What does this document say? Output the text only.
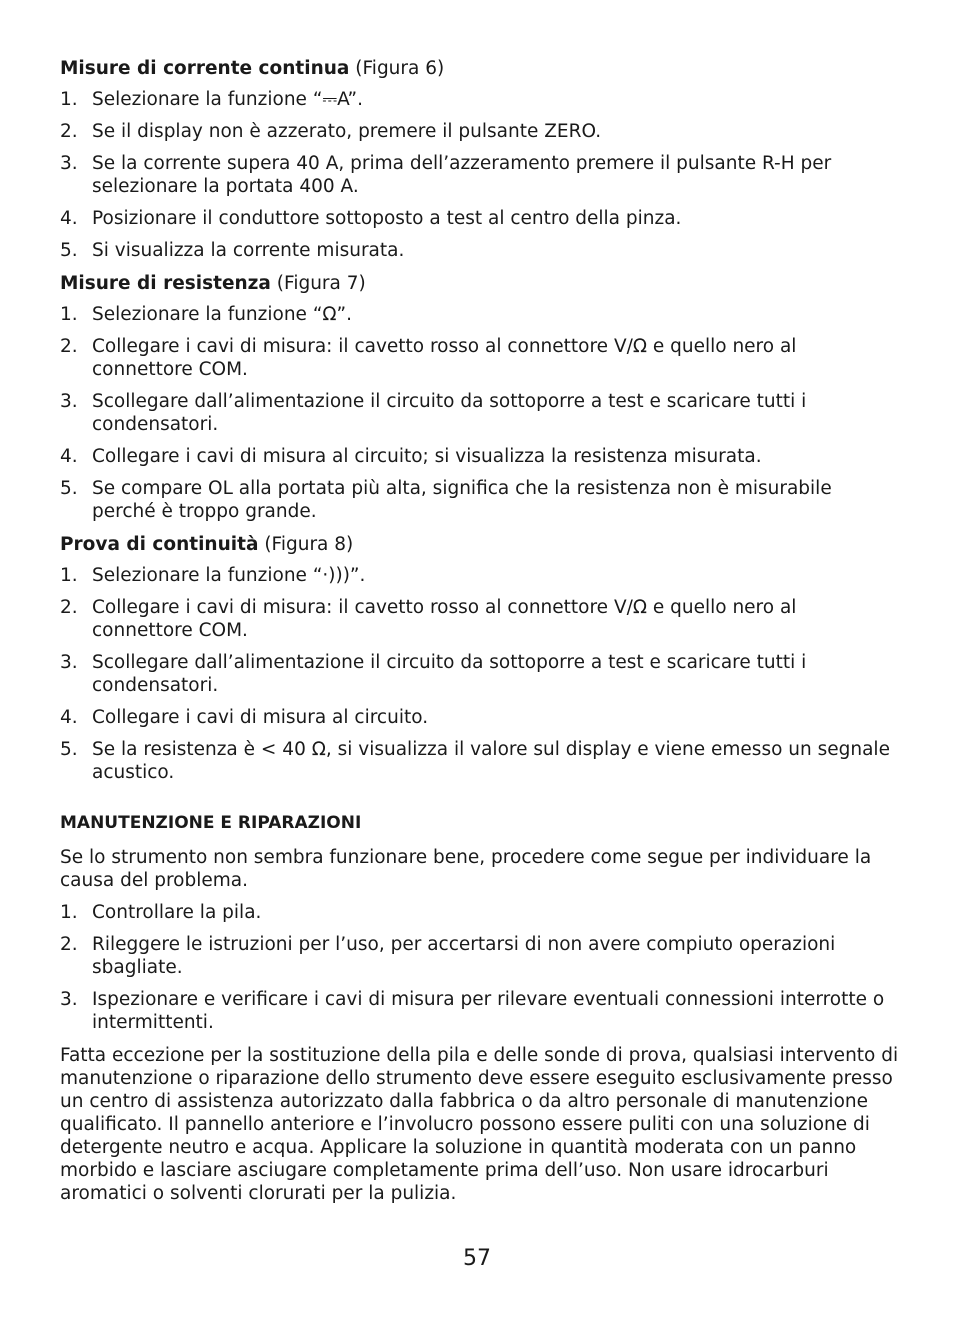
Misure di corrente continua (Figura 6)
1. Selezionare la funzione “⎓A”.
2. Se il display non è azzerato, premere il pulsante ZERO.
3. Se la corrente supera 40 A, prima dell’azzeramento premere il pulsante R-H per selezionare la portata 400 A.
4. Posizionare il conduttore sottoposto a test al centro della pinza.
5. Si visualizza la corrente misurata.
Misure di resistenza (Figura 7)
1. Selezionare la funzione “Ω”.
2. Collegare i cavi di misura: il cavetto rosso al connettore V/Ω e quello nero al connettore COM.
3. Scollegare dall’alimentazione il circuito da sottoporre a test e scaricare tutti i condensatori.
4. Collegare i cavi di misura al circuito; si visualizza la resistenza misurata.
5. Se compare OL alla portata più alta, significa che la resistenza non è misurabile perché è troppo grande.
Prova di continuità (Figura 8)
1. Selezionare la funzione “·)))”.
2. Collegare i cavi di misura: il cavetto rosso al connettore V/Ω e quello nero al connettore COM.
3. Scollegare dall’alimentazione il circuito da sottoporre a test e scaricare tutti i condensatori.
4. Collegare i cavi di misura al circuito.
5. Se la resistenza è < 40 Ω, si visualizza il valore sul display e viene emesso un segnale acustico.
MANUTENZIONE E RIPARAZIONI

Se lo strumento non sembra funzionare bene, procedere come segue per individuare la causa del problema.

1. Controllare la pila.
2. Rileggere le istruzioni per l’uso, per accertarsi di non avere compiuto operazioni sbagliate.
3. Ispezionare e verificare i cavi di misura per rilevare eventuali connessioni interrotte o intermittenti.

Fatta eccezione per la sostituzione della pila e delle sonde di prova, qualsiasi intervento di manutenzione o riparazione dello strumento deve essere eseguito esclusivamente presso un centro di assistenza autorizzato dalla fabbrica o da altro personale di manutenzione qualificato. Il pannello anteriore e l’involucro possono essere puliti con una soluzione di detergente neutro e acqua. Applicare la soluzione in quantità moderata con un panno morbido e lasciare asciugare completamente prima dell’uso. Non usare idrocarburi aromatici o solventi clorurati per la pulizia.

57
